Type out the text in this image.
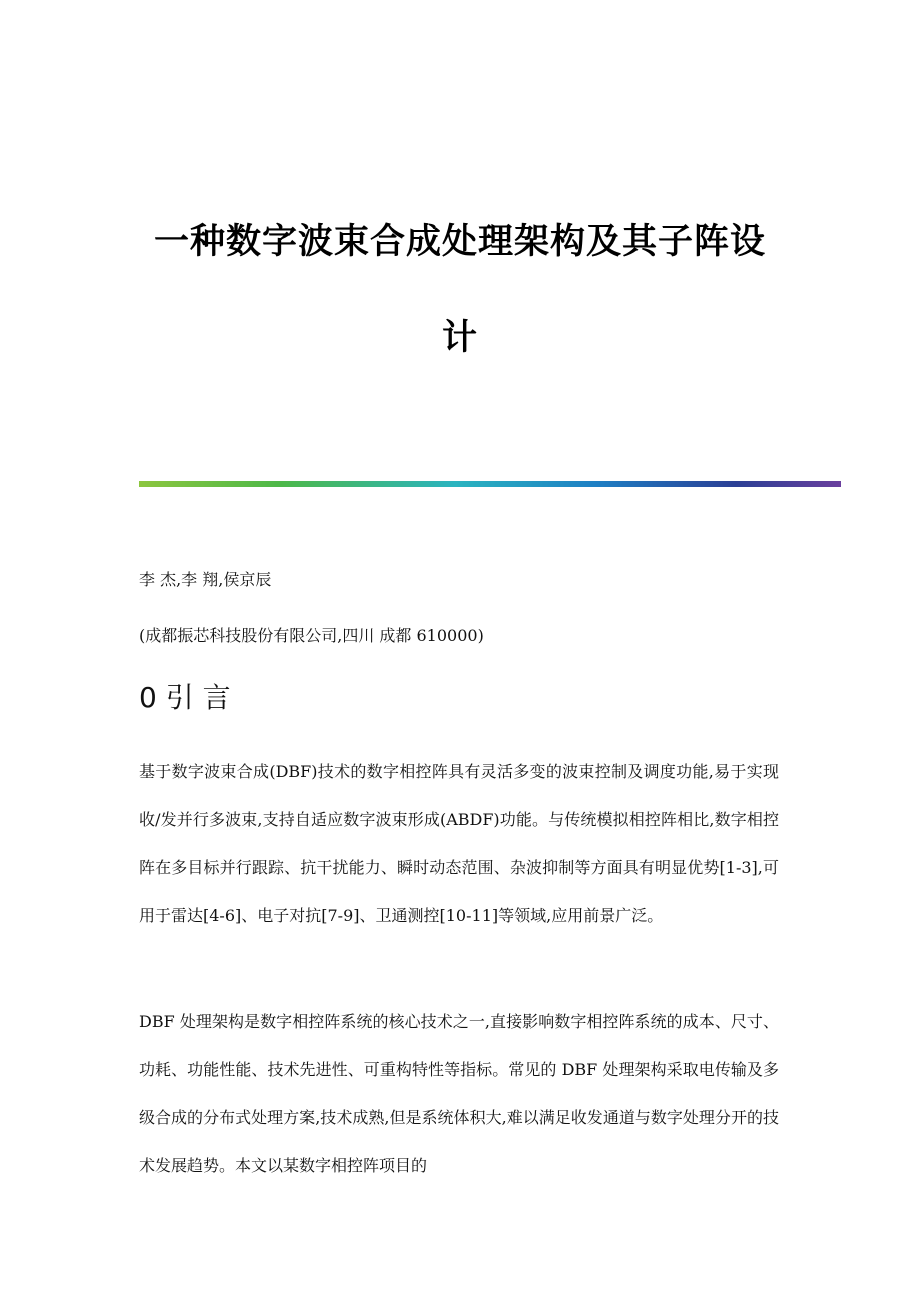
一种数字波束合成处理架构及其子阵设
计
李 杰,李 翔,侯京辰
(成都振芯科技股份有限公司,四川 成都 610000)
0 引 言

基于数字波束合成(DBF)技术的数字相控阵具有灵活多变的波束控制及调度功能,易于实现收/发并行多波束,支持自适应数字波束形成(ABDF)功能。与传统模拟相控阵相比,数字相控阵在多目标并行跟踪、抗干扰能力、瞬时动态范围、杂波抑制等方面具有明显优势[1-3],可用于雷达[4-6]、电子对抗[7-9]、卫通测控[10-11]等领域,应用前景广泛。

DBF 处理架构是数字相控阵系统的核心技术之一,直接影响数字相控阵系统的成本、尺寸、功耗、功能性能、技术先进性、可重构特性等指标。常见的 DBF 处理架构采取电传输及多级合成的分布式处理方案,技术成熟,但是系统体积大,难以满足收发通道与数字处理分开的技术发展趋势。本文以某数字相控阵项目的
